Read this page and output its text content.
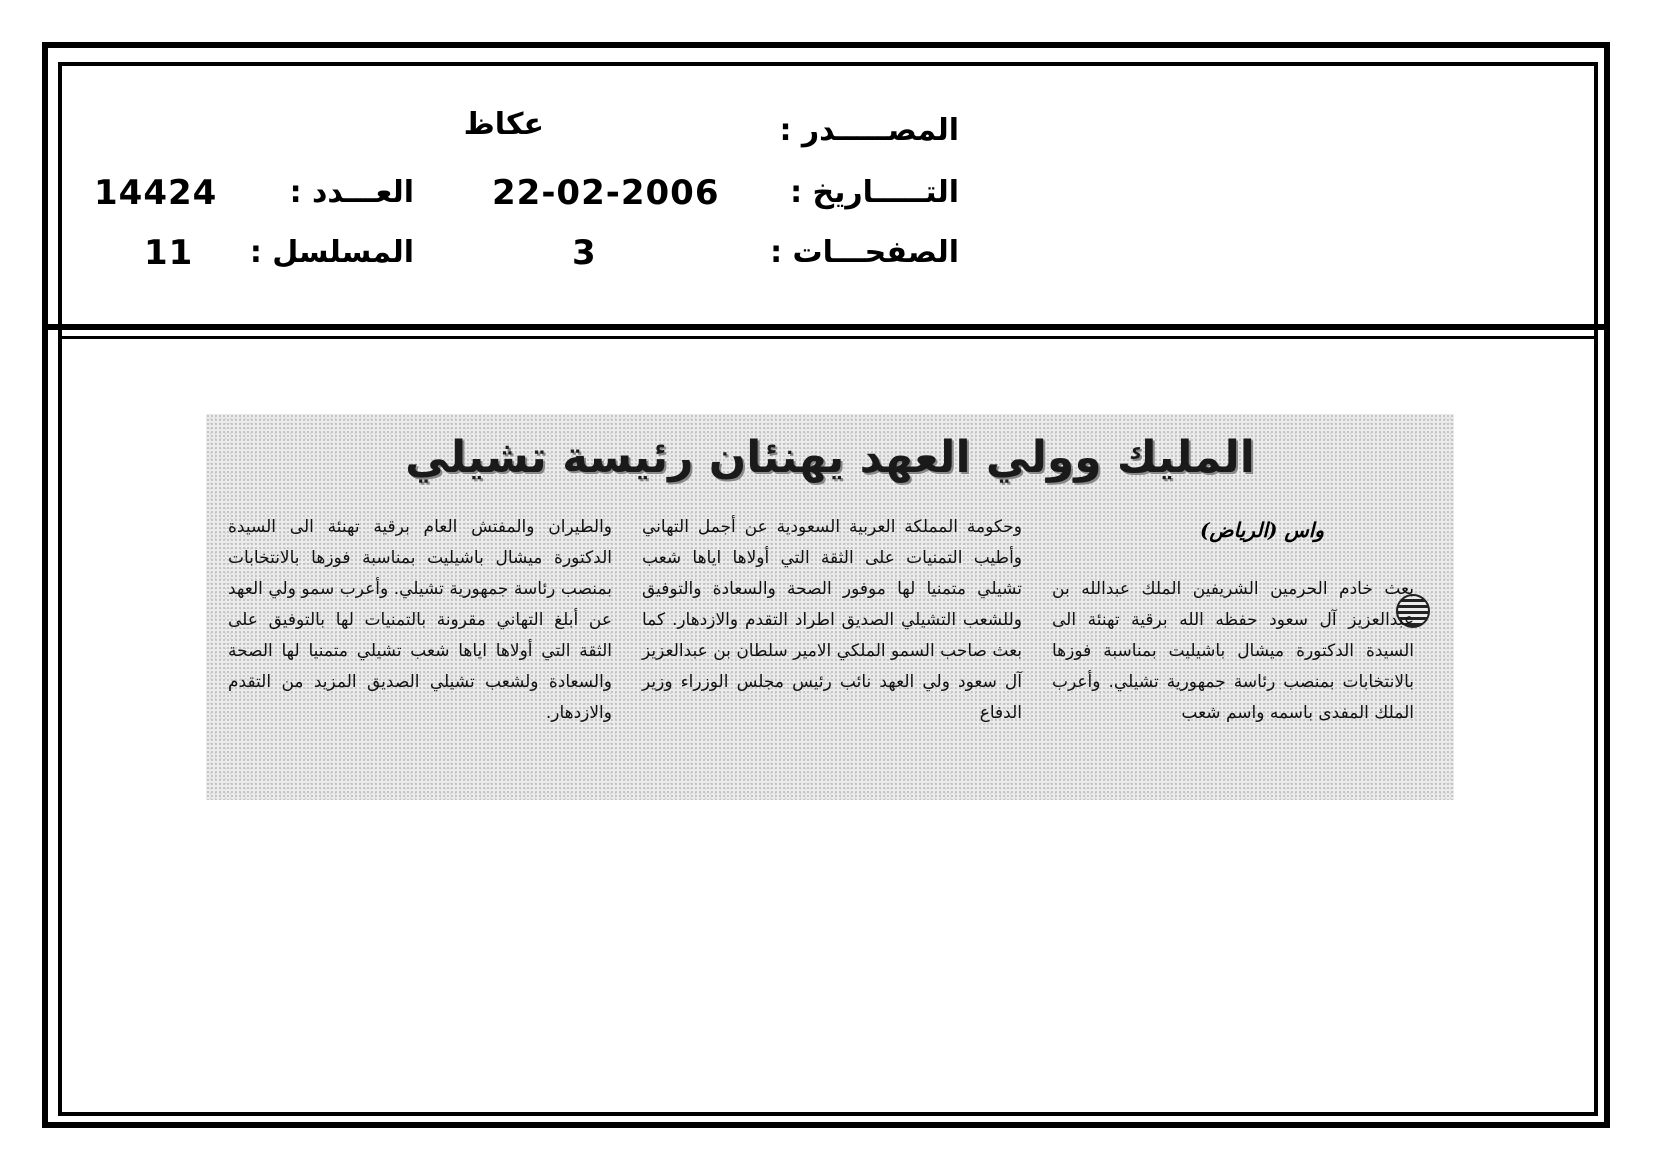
المصـــــدر :
عكاظ
التـــــاريخ :
22-02-2006
العـــدد :
14424
الصفحـــات :
3
المسلسل :
11
المليك وولي العهد يهنئان رئيسة تشيلي
واس (الرياض)

بعث خادم الحرمين الشريفين الملك عبدالله بن عبدالعزيز آل سعود حفظه الله برقية تهنئة الى السيدة الدكتورة ميشال باشيليت بمناسبة فوزها بالانتخابات بمنصب رئاسة جمهورية تشيلي. وأعرب الملك المفدى باسمه واسم شعب

وحكومة المملكة العربية السعودية عن أجمل التهاني وأطيب التمنيات على الثقة التي أولاها اياها شعب تشيلي متمنيا لها موفور الصحة والسعادة والتوفيق وللشعب التشيلي الصديق اطراد التقدم والازدهار. كما بعث صاحب السمو الملكي الامير سلطان بن عبدالعزيز آل سعود ولي العهد نائب رئيس مجلس الوزراء وزير الدفاع

والطيران والمفتش العام برقية تهنئة الى السيدة الدكتورة ميشال باشيليت بمناسبة فوزها بالانتخابات بمنصب رئاسة جمهورية تشيلي. وأعرب سمو ولي العهد عن أبلغ التهاني مقرونة بالتمنيات لها بالتوفيق على الثقة التي أولاها اياها شعب تشيلي متمنيا لها الصحة والسعادة ولشعب تشيلي الصديق المزيد من التقدم والازدهار.
